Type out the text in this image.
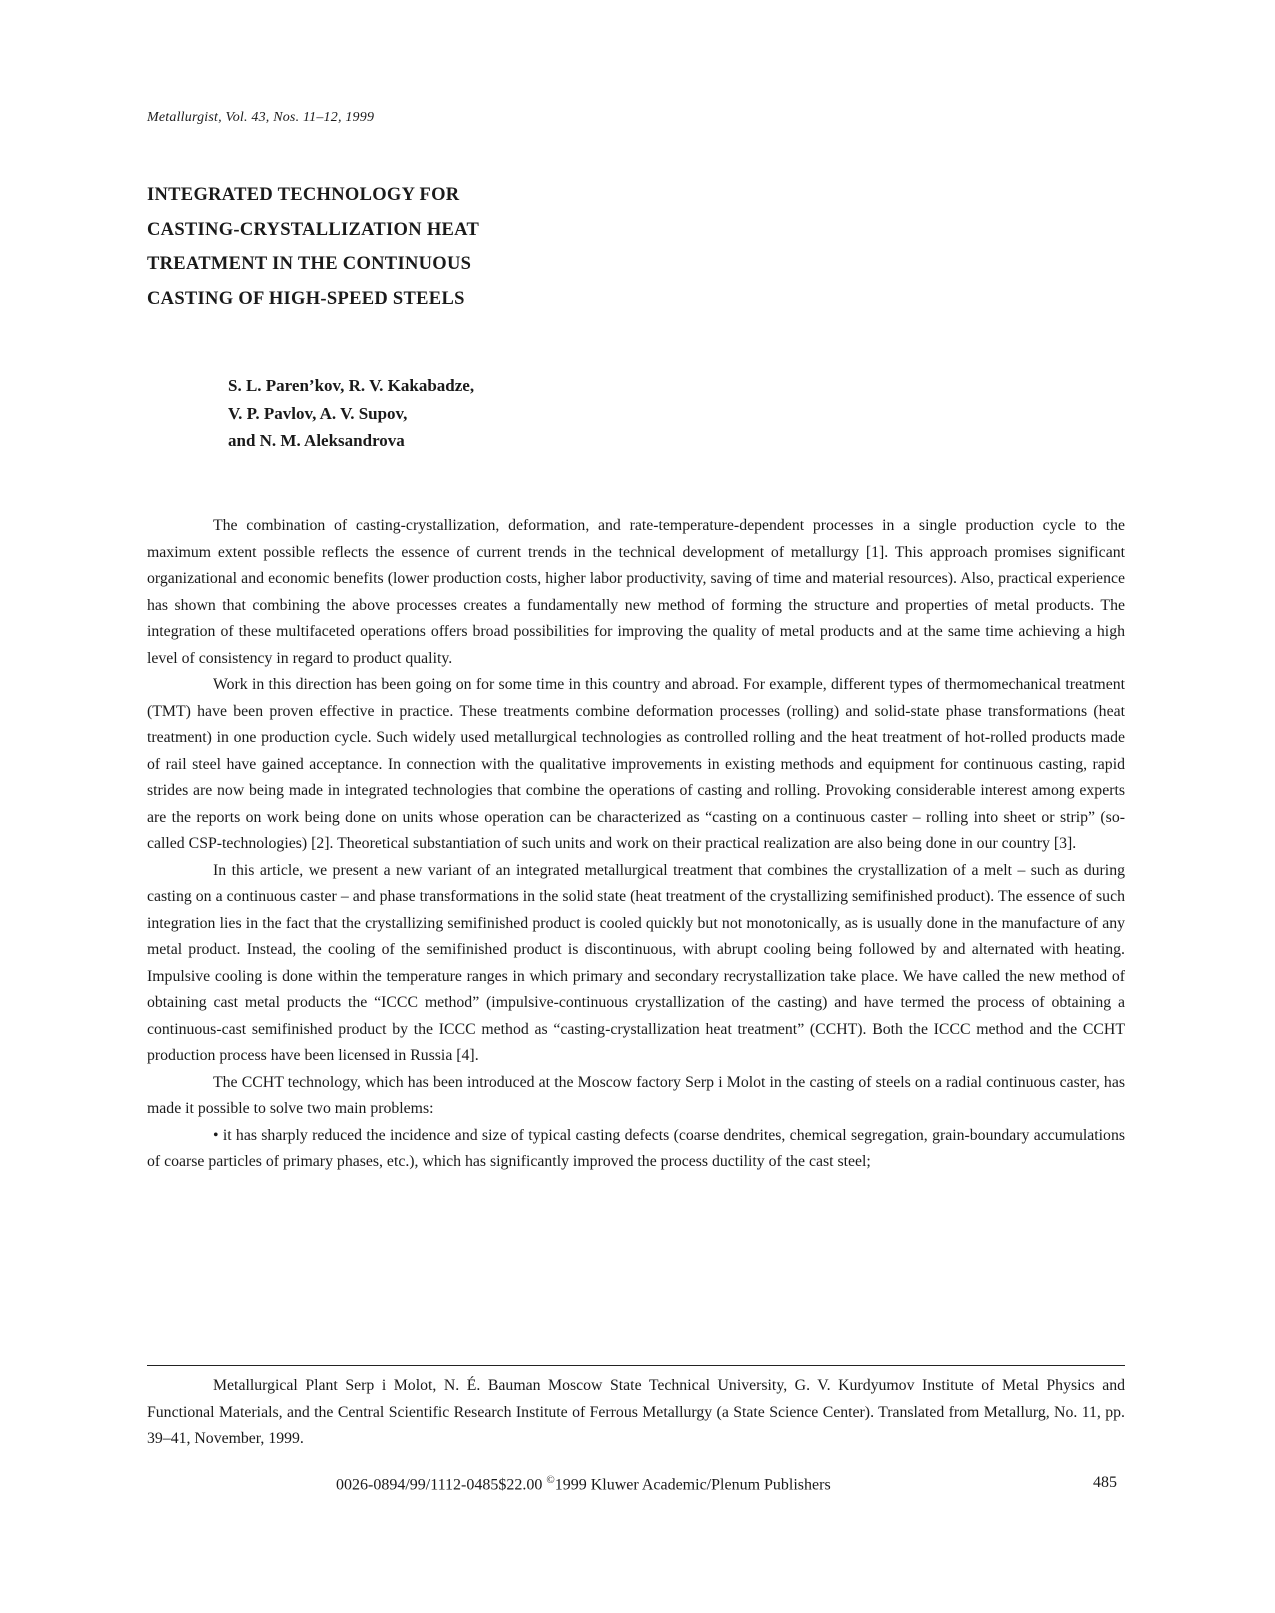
Metallurgist, Vol. 43, Nos. 11–12, 1999
INTEGRATED TECHNOLOGY FOR
CASTING-CRYSTALLIZATION HEAT
TREATMENT IN THE CONTINUOUS
CASTING OF HIGH-SPEED STEELS
S. L. Paren’kov, R. V. Kakabadze,
V. P. Pavlov, A. V. Supov,
and N. M. Aleksandrova

The combination of casting-crystallization, deformation, and rate-temperature-dependent processes in a single production cycle to the maximum extent possible reflects the essence of current trends in the technical development of metallurgy [1]. This approach promises significant organizational and economic benefits (lower production costs, higher labor productivity, saving of time and material resources). Also, practical experience has shown that combining the above processes creates a fundamentally new method of forming the structure and properties of metal products. The integration of these multifaceted operations offers broad possibilities for improving the quality of metal products and at the same time achieving a high level of consistency in regard to product quality.

Work in this direction has been going on for some time in this country and abroad. For example, different types of thermomechanical treatment (TMT) have been proven effective in practice. These treatments combine deformation processes (rolling) and solid-state phase transformations (heat treatment) in one production cycle. Such widely used metallurgical technologies as controlled rolling and the heat treatment of hot-rolled products made of rail steel have gained acceptance. In connection with the qualitative improvements in existing methods and equipment for continuous casting, rapid strides are now being made in integrated technologies that combine the operations of casting and rolling. Provoking considerable interest among experts are the reports on work being done on units whose operation can be characterized as “casting on a continuous caster – rolling into sheet or strip” (so-called CSP-technologies) [2]. Theoretical substantiation of such units and work on their practical realization are also being done in our country [3].

In this article, we present a new variant of an integrated metallurgical treatment that combines the crystallization of a melt – such as during casting on a continuous caster – and phase transformations in the solid state (heat treatment of the crystallizing semifinished product). The essence of such integration lies in the fact that the crystallizing semifinished product is cooled quickly but not monotonically, as is usually done in the manufacture of any metal product. Instead, the cooling of the semifinished product is discontinuous, with abrupt cooling being followed by and alternated with heating. Impulsive cooling is done within the temperature ranges in which primary and secondary recrystallization take place. We have called the new method of obtaining cast metal products the “ICCC method” (impulsive-continuous crystallization of the casting) and have termed the process of obtaining a continuous-cast semifinished product by the ICCC method as “casting-crystallization heat treatment” (CCHT). Both the ICCC method and the CCHT production process have been licensed in Russia [4].

The CCHT technology, which has been introduced at the Moscow factory Serp i Molot in the casting of steels on a radial continuous caster, has made it possible to solve two main problems:

• it has sharply reduced the incidence and size of typical casting defects (coarse dendrites, chemical segregation, grain-boundary accumulations of coarse particles of primary phases, etc.), which has significantly improved the process ductility of the cast steel;

Metallurgical Plant Serp i Molot, N. É. Bauman Moscow State Technical University, G. V. Kurdyumov Institute of Metal Physics and Functional Materials, and the Central Scientific Research Institute of Ferrous Metallurgy (a State Science Center). Translated from Metallurg, No. 11, pp. 39–41, November, 1999.
0026-0894/99/1112-0485$22.00 ©1999 Kluwer Academic/Plenum Publishers	485
